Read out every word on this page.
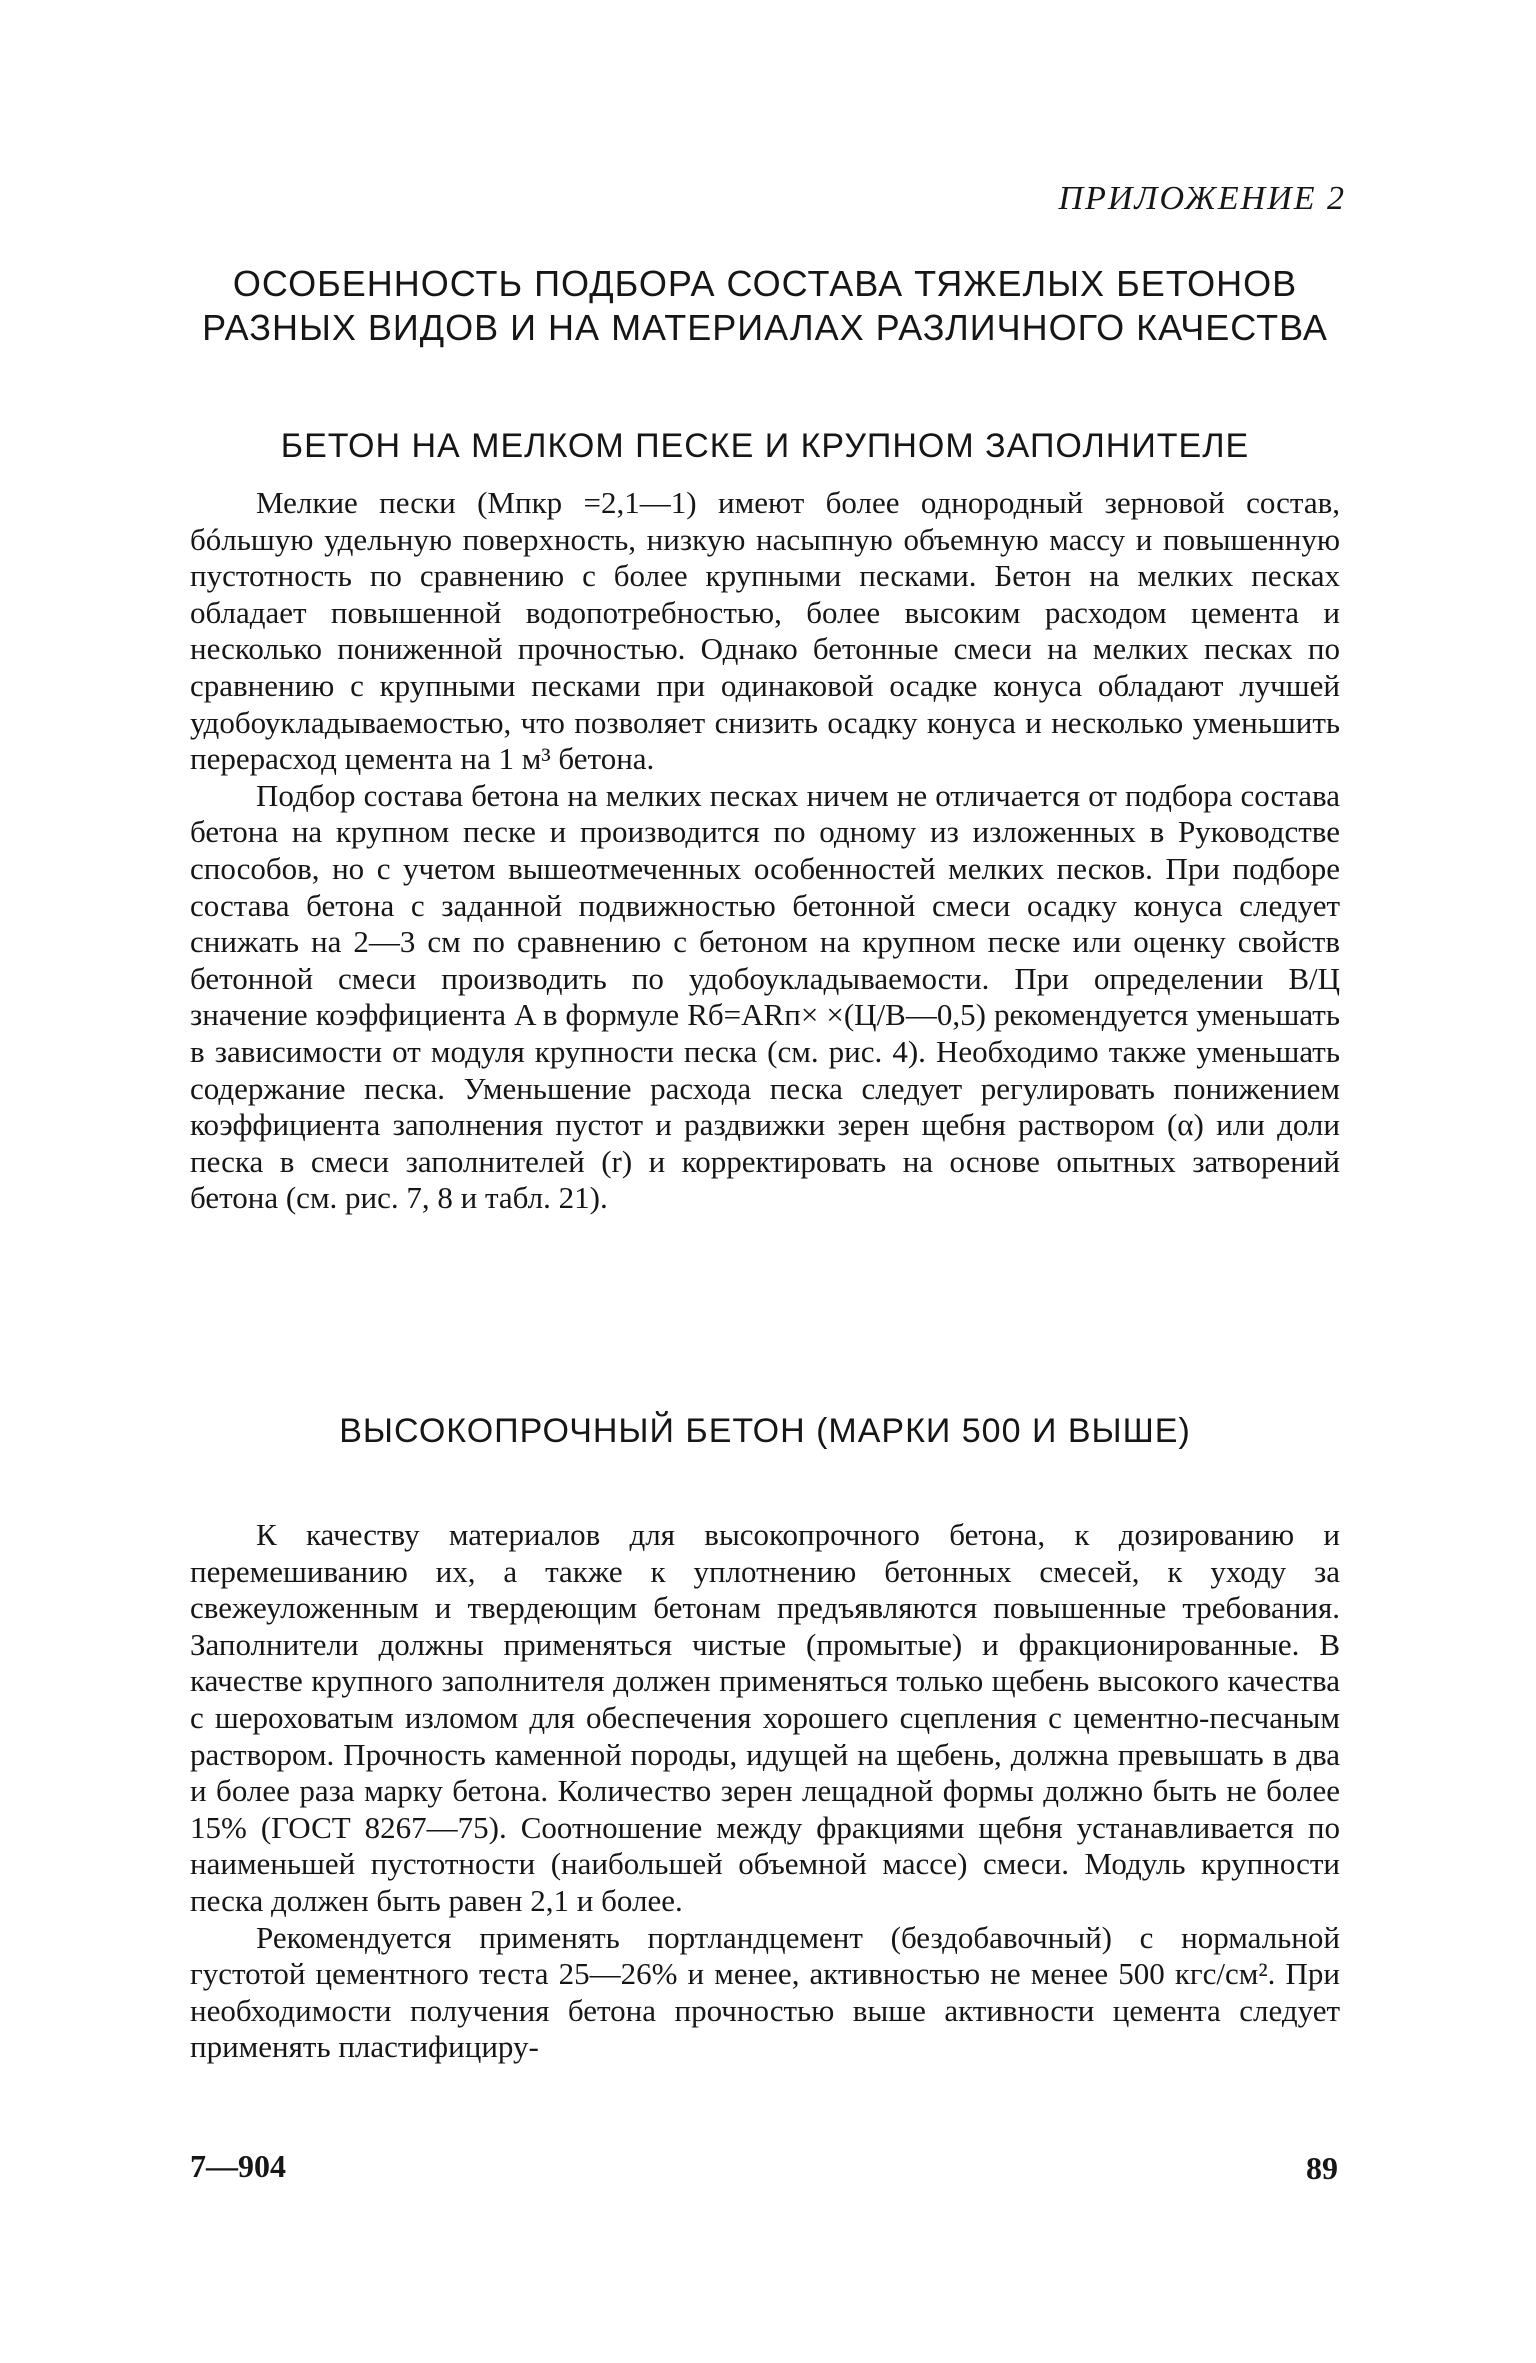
ПРИЛОЖЕНИЕ 2
ОСОБЕННОСТЬ ПОДБОРА СОСТАВА ТЯЖЕЛЫХ БЕТОНОВ РАЗНЫХ ВИДОВ И НА МАТЕРИАЛАХ РАЗЛИЧНОГО КАЧЕСТВА
БЕТОН НА МЕЛКОМ ПЕСКЕ И КРУПНОМ ЗАПОЛНИТЕЛЕ

Мелкие пески (Mпкр =2,1—1) имеют более однородный зерновой состав, бóльшую удельную поверхность, низкую насыпную объемную массу и повышенную пустотность по сравнению с более крупными песками. Бетон на мелких песках обладает повышенной водопотребностью, более высоким расходом цемента и несколько пониженной прочностью. Однако бетонные смеси на мелких песках по сравнению с крупными песками при одинаковой осадке конуса обладают лучшей удобоукладываемостью, что позволяет снизить осадку конуса и несколько уменьшить перерасход цемента на 1 м³ бетона.

Подбор состава бетона на мелких песках ничем не отличается от подбора состава бетона на крупном песке и производится по одному из изложенных в Руководстве способов, но с учетом вышеотмеченных особенностей мелких песков. При подборе состава бетона с заданной подвижностью бетонной смеси осадку конуса следует снижать на 2—3 см по сравнению с бетоном на крупном песке или оценку свойств бетонной смеси производить по удобоукладываемости. При определении В/Ц значение коэффициента A в формуле Rб=ARп× ×(Ц/В—0,5) рекомендуется уменьшать в зависимости от модуля крупности песка (см. рис. 4). Необходимо также уменьшать содержание песка. Уменьшение расхода песка следует регулировать понижением коэффициента заполнения пустот и раздвижки зерен щебня раствором (α) или доли песка в смеси заполнителей (r) и корректировать на основе опытных затворений бетона (см. рис. 7, 8 и табл. 21).

ВЫСОКОПРОЧНЫЙ БЕТОН (МАРКИ 500 И ВЫШЕ)

К качеству материалов для высокопрочного бетона, к дозированию и перемешиванию их, а также к уплотнению бетонных смесей, к уходу за свежеуложенным и твердеющим бетонам предъявляются повышенные требования. Заполнители должны применяться чистые (промытые) и фракционированные. В качестве крупного заполнителя должен применяться только щебень высокого качества с шероховатым изломом для обеспечения хорошего сцепления с цементно-песчаным раствором. Прочность каменной породы, идущей на щебень, должна превышать в два и более раза марку бетона. Количество зерен лещадной формы должно быть не более 15% (ГОСТ 8267—75). Соотношение между фракциями щебня устанавливается по наименьшей пустотности (наибольшей объемной массе) смеси. Модуль крупности песка должен быть равен 2,1 и более.

Рекомендуется применять портландцемент (бездобавочный) с нормальной густотой цементного теста 25—26% и менее, активностью не менее 500 кгс/см². При необходимости получения бетона прочностью выше активности цемента следует применять пластифициру-

7—904	89
